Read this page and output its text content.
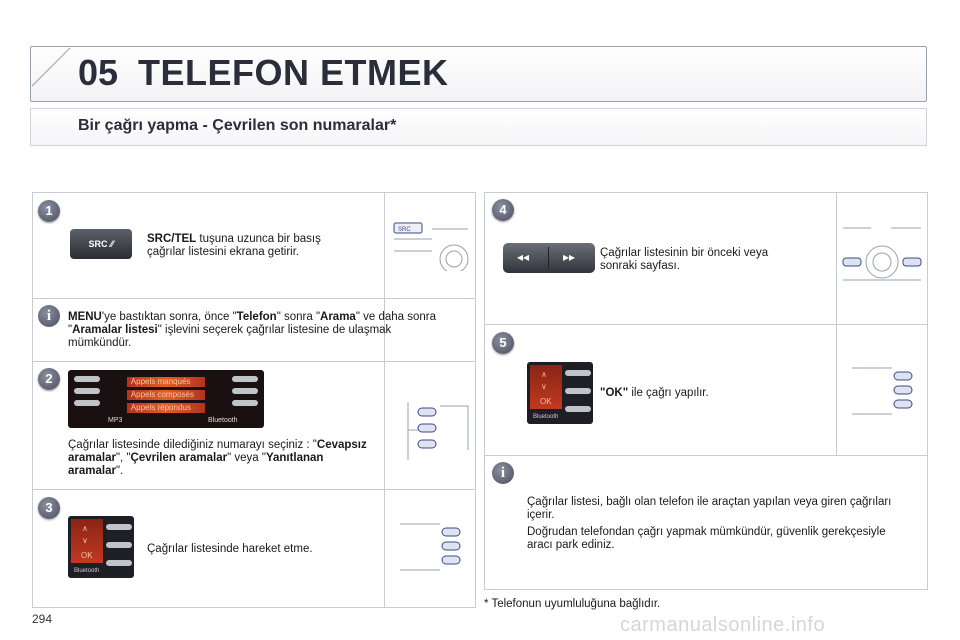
05 TELEFON ETMEK
Bir çağrı yapma - Çevrilen son numaralar*
1
SRC ⁄⁄	SRC/TEL tuşuna uzunca bir basış çağrılar listesini ekrana getirir.
SRC
i	MENU'ye bastıktan sonra, önce "Telefon" sonra "Arama" ve daha sonra "Aramalar listesi" işlevini seçerek çağrılar listesine de ulaşmak mümkündür.
2	Appels manqués
Appels composés
Appels répondus
MP3	Bluetooth
Çağrılar listesinde dilediğiniz numarayı seçiniz : "Cevapsız aramalar", "Çevrilen aramalar" veya "Yanıtlanan aramalar".
3
∧
∨
OK
Bluetooth
Çağrılar listesinde hareket etme.
4
◂◂	▸▸ Çağrılar listesinin bir önceki veya sonraki sayfası.
5
∧
∨
OK
Bluetooth
"OK" ile çağrı yapılır.
i
Çağrılar listesi, bağlı olan telefon ile araçtan yapılan veya giren çağrıları içerir.
Doğrudan telefondan çağrı yapmak mümkündür, güvenlik gerekçesiyle aracı park ediniz.
* Telefonun uyumluluğuna bağlıdır.
294	carmanualsonline.info
